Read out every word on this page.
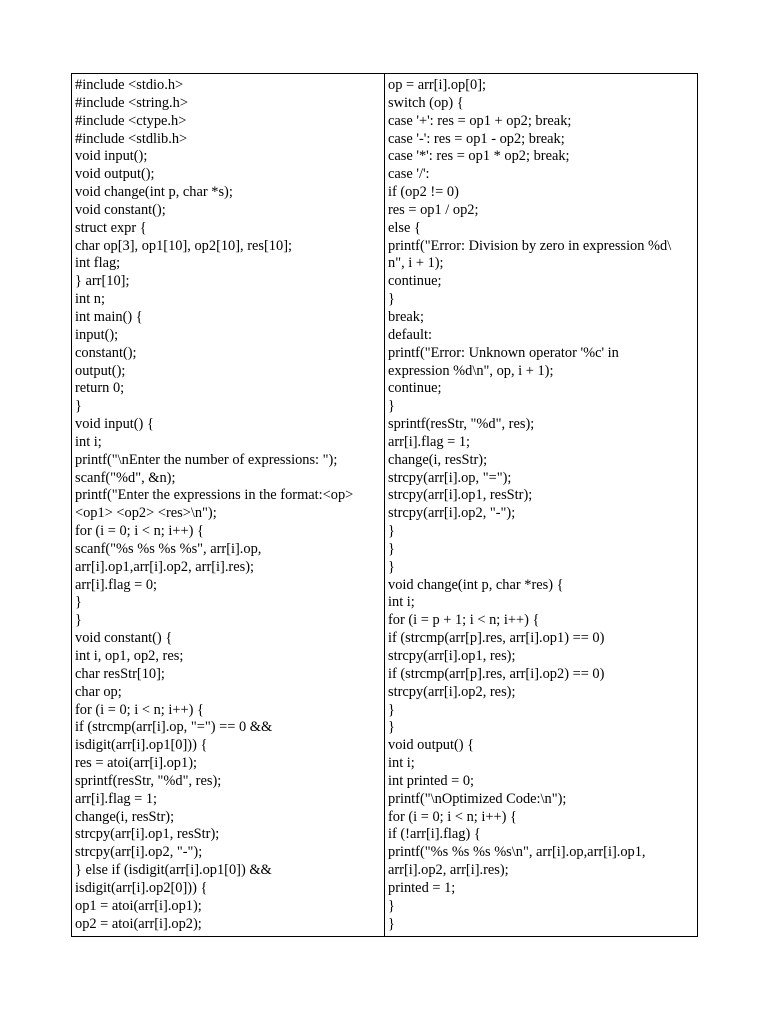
#include <stdio.h>
#include <string.h>
#include <ctype.h>
#include <stdlib.h>
void input();
void output();
void change(int p, char *s);
void constant();
struct expr {
char op[3], op1[10], op2[10], res[10];
int flag;
} arr[10];
int n;
int main() {
input();
constant();
output();
return 0;
}
void input() {
int i;
printf("\nEnter the number of expressions: ");
scanf("%d", &n);
printf("Enter the expressions in the format:<op>
<op1> <op2> <res>\n");
for (i = 0; i < n; i++) {
scanf("%s %s %s %s", arr[i].op,
arr[i].op1,arr[i].op2, arr[i].res);
arr[i].flag = 0;
}
}
void constant() {
int i, op1, op2, res;
char resStr[10];
char op;
for (i = 0; i < n; i++) {
if (strcmp(arr[i].op, "=") == 0 &&
isdigit(arr[i].op1[0])) {
res = atoi(arr[i].op1);
sprintf(resStr, "%d", res);
arr[i].flag = 1;
change(i, resStr);
strcpy(arr[i].op1, resStr);
strcpy(arr[i].op2, "-");
} else if (isdigit(arr[i].op1[0]) &&
isdigit(arr[i].op2[0])) {
op1 = atoi(arr[i].op1);
op2 = atoi(arr[i].op2);
op = arr[i].op[0];
switch (op) {
case '+': res = op1 + op2; break;
case '-': res = op1 - op2; break;
case '*': res = op1 * op2; break;
case '/':
if (op2 != 0)
res = op1 / op2;
else {
printf("Error: Division by zero in expression %d\
n", i + 1);
continue;
}
break;
default:
printf("Error: Unknown operator '%c' in
expression %d\n", op, i + 1);
continue;
}
sprintf(resStr, "%d", res);
arr[i].flag = 1;
change(i, resStr);
strcpy(arr[i].op, "=");
strcpy(arr[i].op1, resStr);
strcpy(arr[i].op2, "-");
}
}
}
void change(int p, char *res) {
int i;
for (i = p + 1; i < n; i++) {
if (strcmp(arr[p].res, arr[i].op1) == 0)
strcpy(arr[i].op1, res);
if (strcmp(arr[p].res, arr[i].op2) == 0)
strcpy(arr[i].op2, res);
}
}
void output() {
int i;
int printed = 0;
printf("\nOptimized Code:\n");
for (i = 0; i < n; i++) {
if (!arr[i].flag) {
printf("%s %s %s %s\n", arr[i].op,arr[i].op1,
arr[i].op2, arr[i].res);
printed = 1;
}
}
